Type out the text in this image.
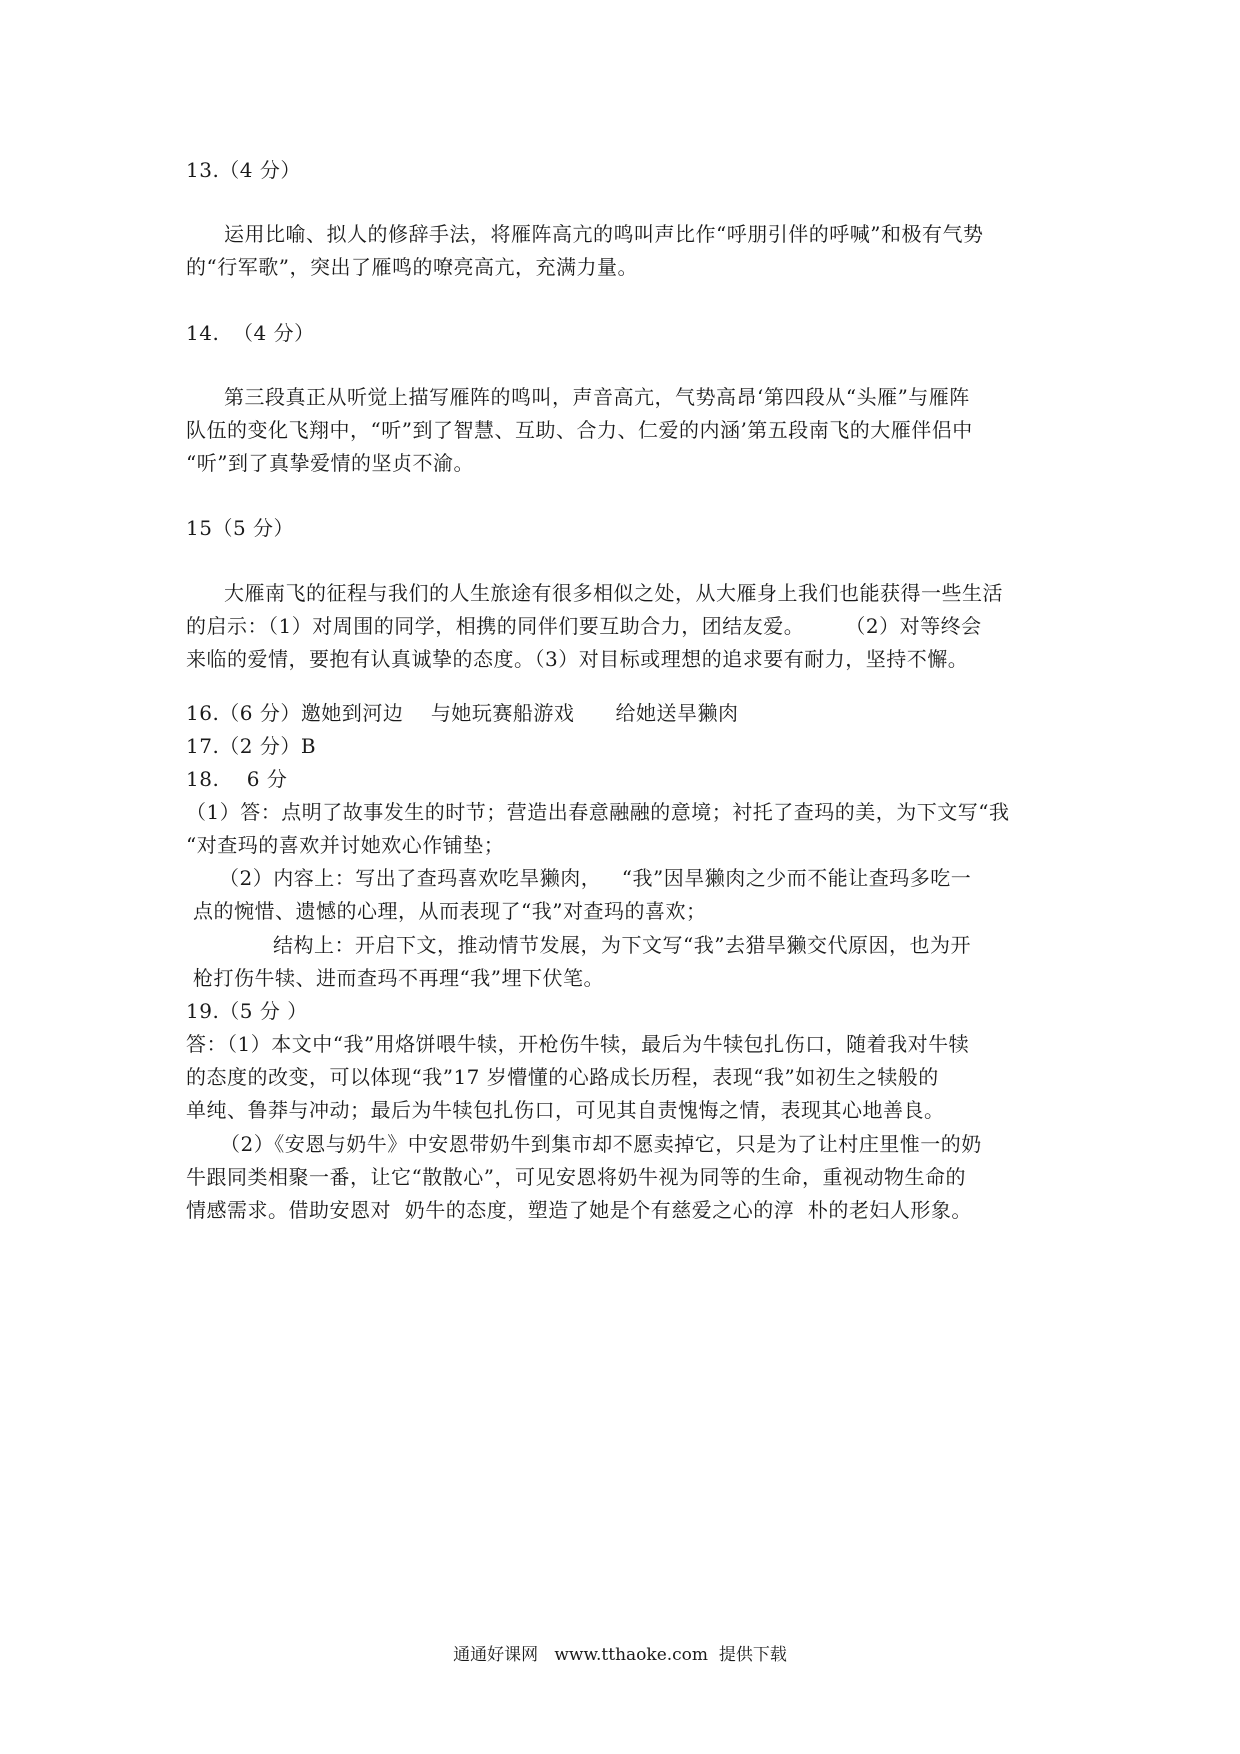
13.（4 分）
运用比喻、拟人的修辞手法，将雁阵高亢的鸣叫声比作“呼朋引伴的呼喊”和极有气势
的“行军歌”，突出了雁鸣的嘹亮高亢，充满力量。
14.  （4 分）
第三段真正从听觉上描写雁阵的鸣叫，声音高亢，气势高昂‘第四段从“头雁”与雁阵
队伍的变化飞翔中，“听”到了智慧、互助、合力、仁爱的内涵’第五段南飞的大雁伴侣中
“听”到了真挚爱情的坚贞不渝。
15（5 分）
大雁南飞的征程与我们的人生旅途有很多相似之处，从大雁身上我们也能获得一些生活
的启示：（1）对周围的同学，相携的同伴们要互助合力，团结友爱。      （2）对等终会
来临的爱情，要抱有认真诚挚的态度。（3）对目标或理想的追求要有耐力，坚持不懈。
16.（6 分）邀她到河边    与她玩赛船游戏      给她送旱獭肉
17.（2 分）B
18.    6 分
（1）答：点明了故事发生的时节；营造出春意融融的意境；衬托了查玛的美，为下文写“我
“对查玛的喜欢并讨她欢心作铺垫；
（2）内容上：写出了查玛喜欢吃旱獭肉，   “我”因旱獭肉之少而不能让查玛多吃一
点的惋惜、遗憾的心理，从而表现了“我”对查玛的喜欢；
结构上：开启下文，推动情节发展，为下文写“我”去猎旱獭交代原因，也为开
枪打伤牛犊、进而查玛不再理“我”埋下伏笔。
19.（5 分 ）
答：（1）本文中“我”用烙饼喂牛犊，开枪伤牛犊，最后为牛犊包扎伤口，随着我对牛犊
的态度的改变，可以体现“我”17 岁懵懂的心路成长历程，表现“我”如初生之犊般的
单纯、鲁莽与冲动；最后为牛犊包扎伤口，可见其自责愧悔之情，表现其心地善良。
（2）《安恩与奶牛》中安恩带奶牛到集市却不愿卖掉它，只是为了让村庄里惟一的奶
牛跟同类相聚一番，让它“散散心”，可见安恩将奶牛视为同等的生命，重视动物生命的
情感需求。借助安恩对  奶牛的态度，塑造了她是个有慈爱之心的淳  朴的老妇人形象。
通通好课网   www.tthaoke.com  提供下载
